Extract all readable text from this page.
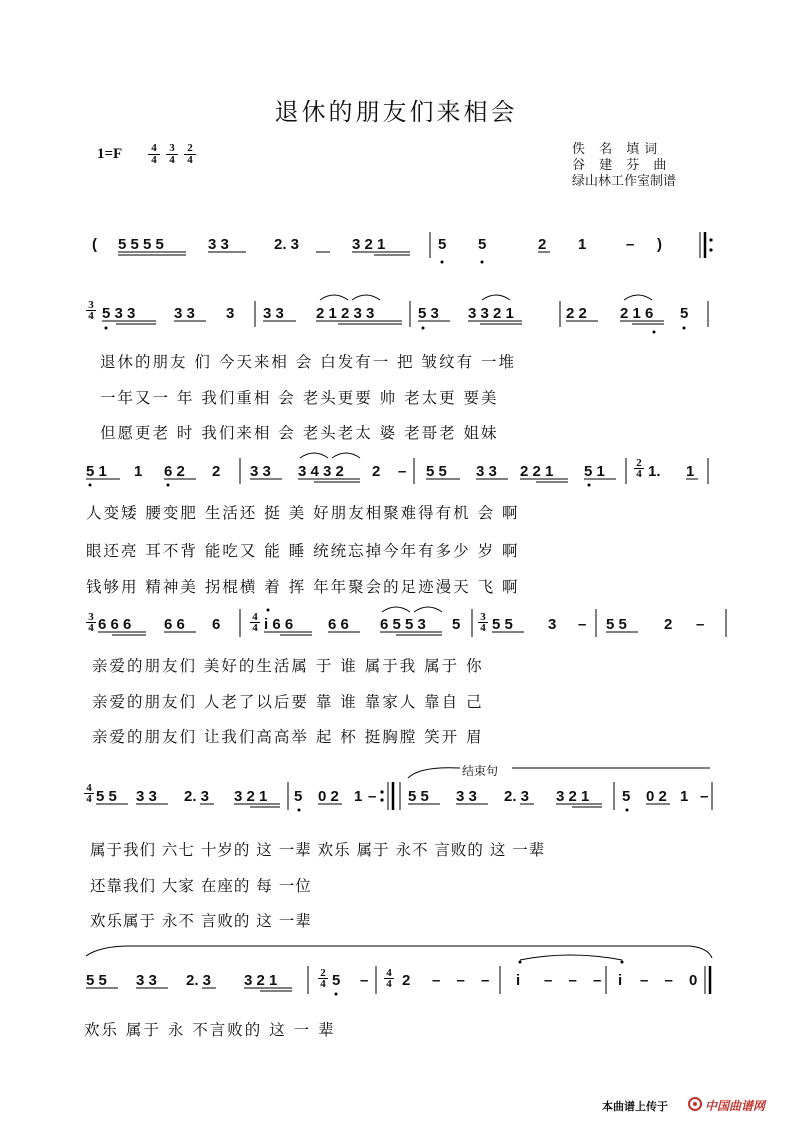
退休的朋友们来相会
1=F	4
4
3
4
2
4
佚 名 填词
谷 建 芬 曲
绿山林工作室制谱
( 5 5 5 5	3 3	2. 3	3 2 1	5 5	2 1	– )
3
4 5 3 3	3 3 3 3 3 2 1 2 3 3	5 3 3 3 2 1	2 2 2 1 6 5
退休的朋友 们 今天来相 会 白发有一 把 皱纹有 一堆
一年又一 年 我们重相 会 老头更要 帅 老太更 要美
但愿更老 时 我们来相 会 老头老太 婆 老哥老 姐妹
5 1 1 6 2 2 3 3 3 4 3 2 2 – 5 5 3 3 2 2 1 5 1	2
4 1. 1
人变矮 腰变肥 生活还 挺 美 好朋友相聚难得有机 会 啊
眼还亮 耳不背 能吃又 能 睡 统统忘掉今年有多少 岁 啊
钱够用 精神美 拐棍横 着 挥 年年聚会的足迹漫天 飞 啊
3
4 6 6 6 6 6 6	4
4 i 6 6 6 6 6 5 5 3 5 3
4 5 5 3 – 5 5 2 –
亲爱的朋友们 美好的生活属 于 谁 属于我 属于 你
亲爱的朋友们 人老了以后要 靠 谁 靠家人 靠自 己
亲爱的朋友们 让我们高高举 起 杯 挺胸膛 笑开 眉
结束句
4
4 5 5 3 3 2. 3 3 2 1 5 0 2 1 – 5 5 3 3 2. 3 3 2 1 5 0 2 1 –
属于我们 六七 十岁的 这 一辈 欢乐 属于 永不 言败的 这 一辈
还靠我们 大家 在座的 每 一位
欢乐属于 永不 言败的 这 一辈
5 5 3 3 2. 3 3 2 1	2
4 5 – 4
4 2 – – – i – – – i – – 0
欢乐 属于 永 不言败的 这 一 辈
本曲谱上传于	中国曲谱网
